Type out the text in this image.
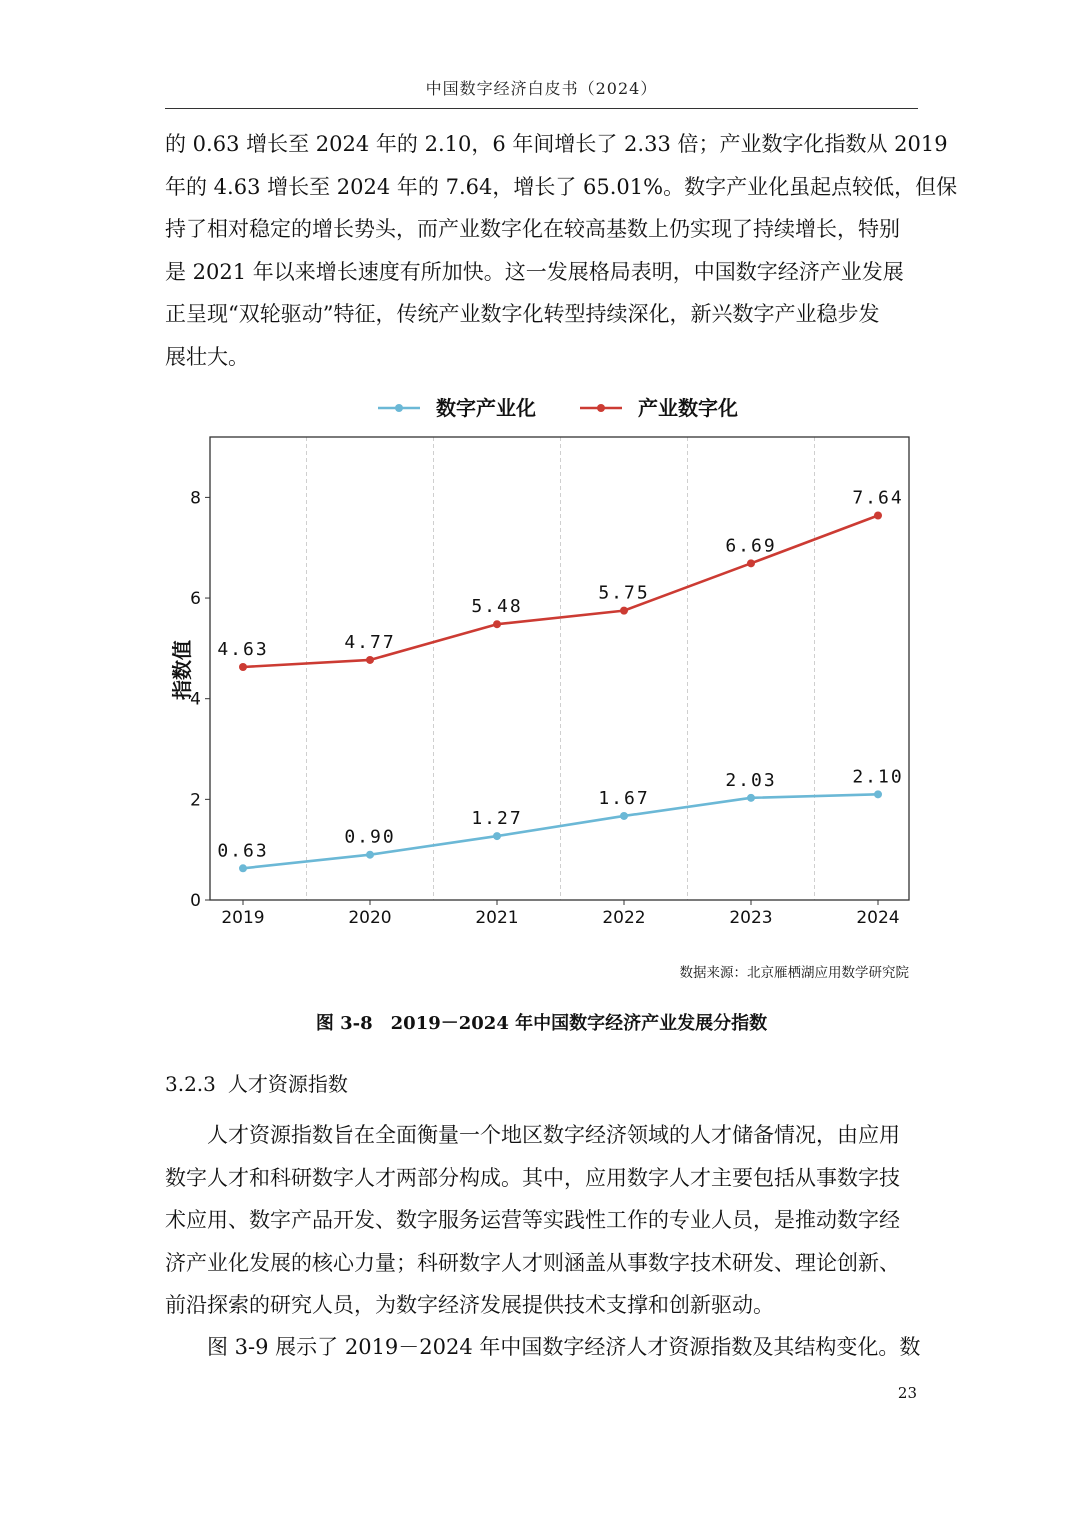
中国数字经济白皮书（2024）
的 0.63 增长至 2024 年的 2.10，6 年间增长了 2.33 倍；产业数字化指数从 2019
年的 4.63 增长至 2024 年的 7.64，增长了 65.01%。数字产业化虽起点较低，但保
持了相对稳定的增长势头，而产业数字化在较高基数上仍实现了持续增长，特别
是 2021 年以来增长速度有所加快。这一发展格局表明，中国数字经济产业发展
正呈现“双轮驱动”特征，传统产业数字化转型持续深化，新兴数字产业稳步发
展壮大。
0
2
4
6
8
2019	2020	2021	2022	2023	2024
指数值
0.63
0.90
1.27
1.67
2.03	2.10
4.63	4.77
5.48
5.75
6.69
7.64
数字产业化	产业数字化
数据来源：北京雁栖湖应用数学研究院
图 3-8　2019－2024 年中国数字经济产业发展分指数
3.2.3 人才资源指数
人才资源指数旨在全面衡量一个地区数字经济领域的人才储备情况，由应用
数字人才和科研数字人才两部分构成。其中，应用数字人才主要包括从事数字技
术应用、数字产品开发、数字服务运营等实践性工作的专业人员，是推动数字经
济产业化发展的核心力量；科研数字人才则涵盖从事数字技术研发、理论创新、
前沿探索的研究人员，为数字经济发展提供技术支撑和创新驱动。
图 3-9 展示了 2019－2024 年中国数字经济人才资源指数及其结构变化。数
23
